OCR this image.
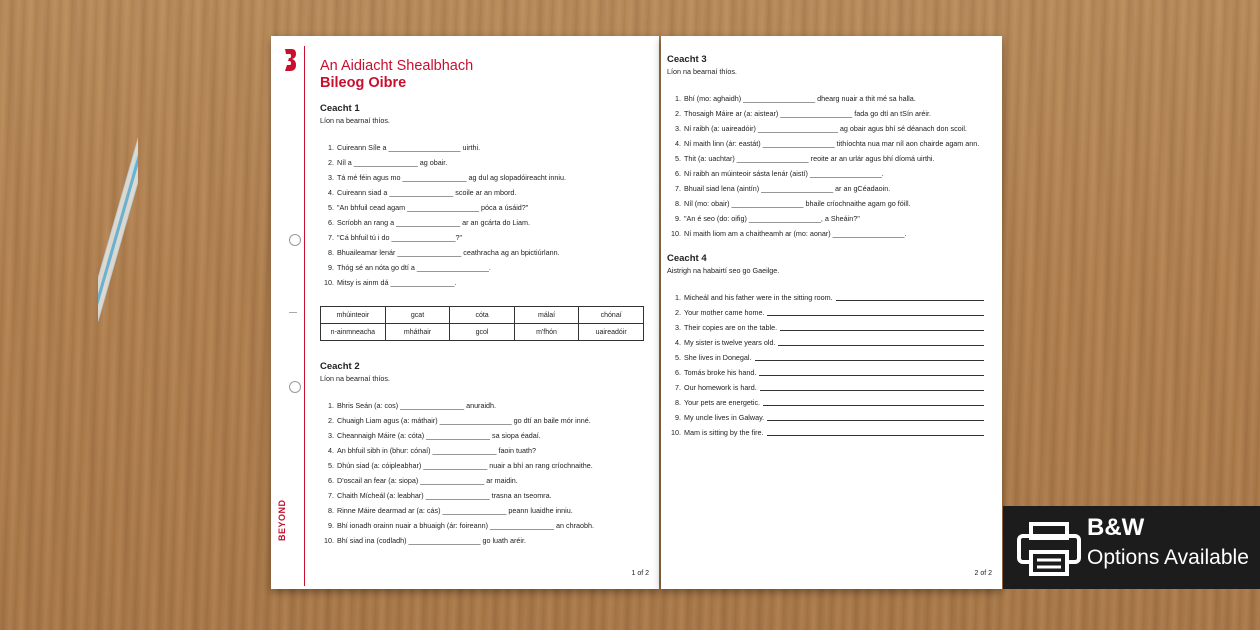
BEYOND
An Aidiacht Shealbhach
Bileog Oibre
Ceacht 1
Líon na bearnaí thíos.
1. Cuireann Síle a __________________ uirthi.
2. Níl a ________________ ag obair.
3. Tá mé féin agus mo ________________ ag dul ag slopadóireacht inniu.
4. Cuireann siad a ________________ scoile ar an mbord.
5. "An bhfuil cead agam __________________ póca a úsáid?"
6. Scríobh an rang a ________________ ar an gcárta do Liam.
7. "Cá bhfuil tú i do ________________?"
8. Bhuaileamar lenár ________________ ceathracha ag an bpictiúrlann.
9. Thóg sé an nóta go dtí a __________________.
10. Mitsy is ainm dá ________________.
mhúinteoir	gcat	cóta	málaí	chónaí
n-ainmneacha	mháthair	gcol	m'fhón	uaireadóir
Ceacht 2
Líon na bearnaí thíos.
1. Bhris Seán (a: cos) ________________ anuraidh.
2. Chuaigh Liam agus (a: máthair) __________________ go dtí an baile mór inné.
3. Cheannaigh Máire (a: cóta) ________________ sa siopa éadaí.
4. An bhfuil sibh in (bhur: cónaí) ________________ faoin tuath?
5. Dhún siad (a: cóipleabhar) ________________ nuair a bhí an rang críochnaithe.
6. D'oscail an fear (a: siopa) ________________ ar maidin.
7. Chaith Mícheál (a: leabhar) ________________ trasna an tseomra.
8. Rinne Máire dearmad ar (a: cás) ________________ peann luaidhe inniu.
9. Bhí ionadh orainn nuair a bhuaigh (ár: foireann) ________________ an chraobh.
10. Bhí siad ina (codladh) __________________ go luath aréir.
1 of 2
Ceacht 3
Líon na bearnaí thíos.
1. Bhí (mo: aghaidh) __________________ dhearg nuair a thit mé sa halla.
2. Thosaigh Máire ar (a: aistear) __________________ fada go dtí an tSín aréir.
3. Ní raibh (a: uaireadóir) ____________________ ag obair agus bhí sé déanach don scoil.
4. Ní maith linn (ár: eastát) __________________ tithíochta nua mar níl aon chairde agam ann.
5. Thit (a: uachtar) __________________ reoite ar an urlár agus bhí díomá uirthi.
6. Ní raibh an múinteoir sásta lenár (aistí) __________________.
7. Bhuail siad lena (aintín) __________________ ar an gCéadaoin.
8. Níl (mo: obair) __________________ bhaile críochnaithe agam go fóill.
9. "An é seo (do: oifig) __________________, a Sheáin?"
10. Ní maith liom am a chaitheamh ar (mo: aonar) __________________.
Ceacht 4
Aistrigh na habairtí seo go Gaeilge.
1. Micheál and his father were in the sitting room.
2. Your mother came home.
3. Their copies are on the table.
4. My sister is twelve years old.
5. She lives in Donegal.
6. Tomás broke his hand.
7. Our homework is hard.
8. Your pets are energetic.
9. My uncle lives in Galway.
10. Mam is sitting by the fire.
2 of 2
B&W
Options Available
